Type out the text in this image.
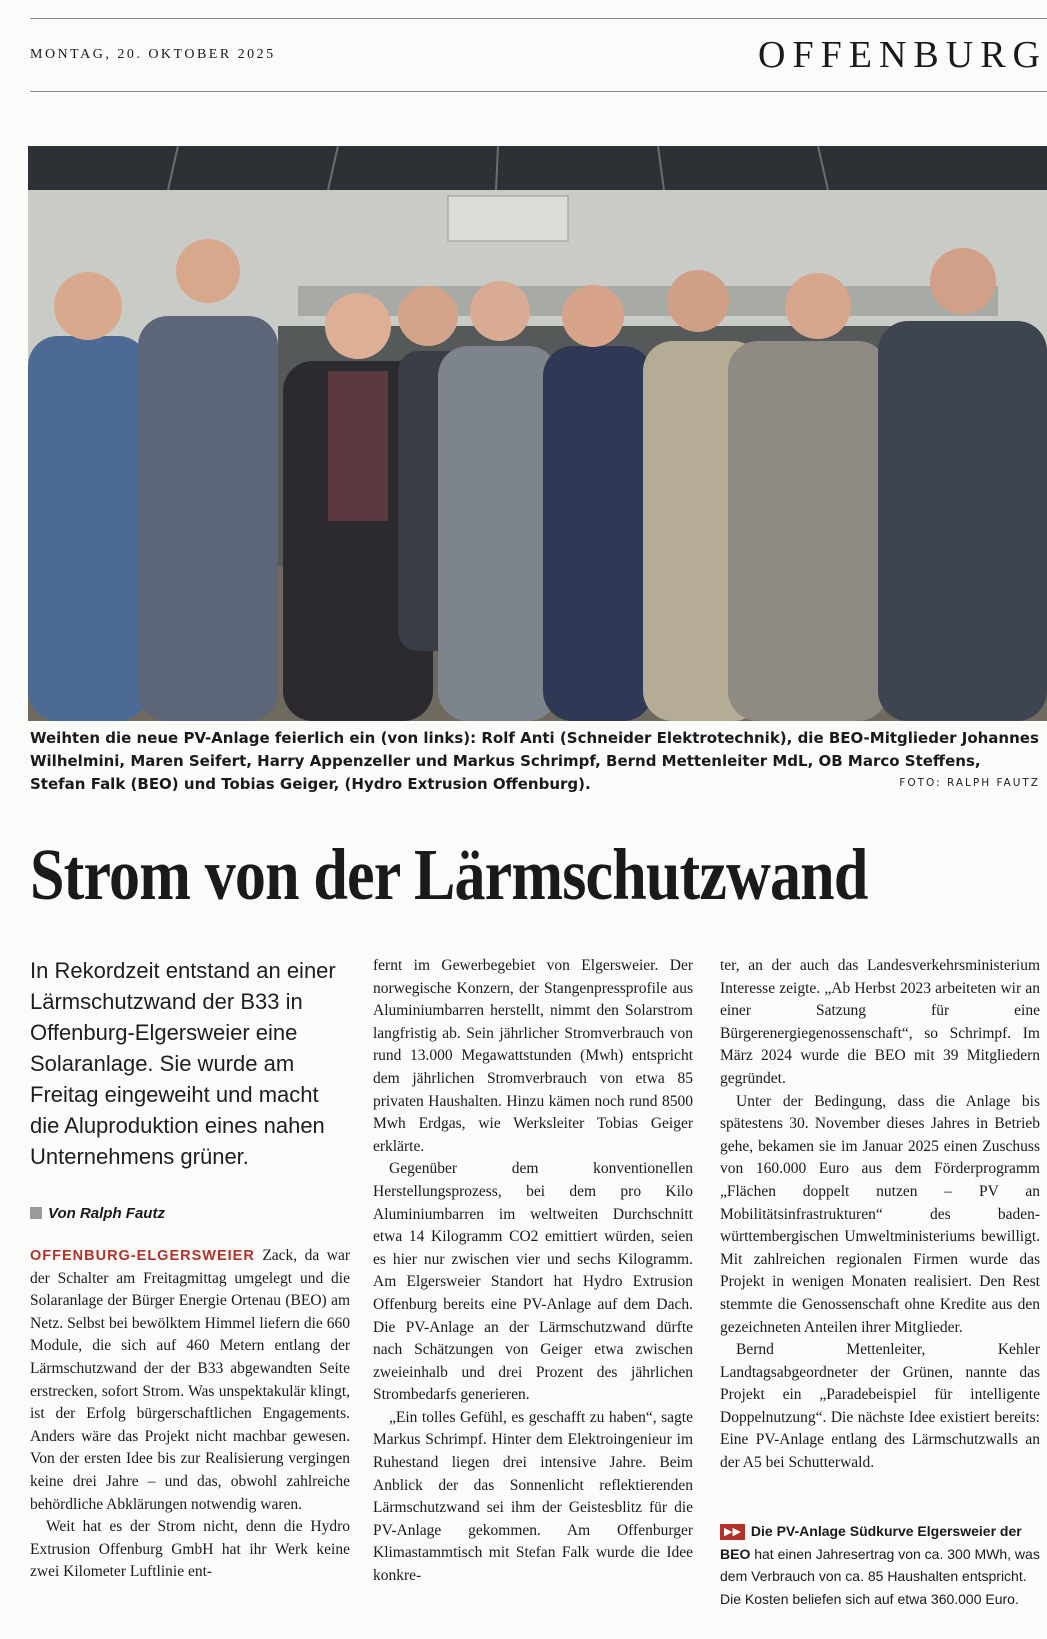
MONTAG, 20. OKTOBER 2025	OFFENBURG
Weihten die neue PV-Anlage feierlich ein (von links): Rolf Anti (Schneider Elektrotechnik), die BEO-Mitglieder Johannes Wilhelmini, Maren Seifert, Harry Appenzeller und Markus Schrimpf, Bernd Mettenleiter MdL, OB Marco Steffens, Stefan Falk (BEO) und Tobias Geiger, (Hydro Extrusion Offenburg).	FOTO: RALPH FAUTZ
Strom von der Lärmschutzwand
In Rekordzeit entstand an einer Lärmschutzwand der B33 in Offenburg-Elgersweier eine Solaranlage. Sie wurde am Freitag eingeweiht und macht die Aluproduktion eines nahen Unternehmens grüner.
Von Ralph Fautz

OFFENBURG-ELGERSWEIER Zack, da war der Schalter am Freitagmittag umgelegt und die Solaranlage der Bürger Energie Ortenau (BEO) am Netz. Selbst bei bewölktem Himmel liefern die 660 Module, die sich auf 460 Metern entlang der Lärmschutzwand der der B33 abgewandten Seite erstrecken, sofort Strom. Was unspektakulär klingt, ist der Erfolg bürgerschaftlichen Engagements. Anders wäre das Projekt nicht machbar gewesen. Von der ersten Idee bis zur Realisierung vergingen keine drei Jahre – und das, obwohl zahlreiche behördliche Abklärungen notwendig waren.

Weit hat es der Strom nicht, denn die Hydro Extrusion Offenburg GmbH hat ihr Werk keine zwei Kilometer Luftlinie ent-

fernt im Gewerbegebiet von Elgersweier. Der norwegische Konzern, der Stangenpressprofile aus Aluminiumbarren herstellt, nimmt den Solarstrom langfristig ab. Sein jährlicher Stromverbrauch von rund 13.000 Megawattstunden (Mwh) entspricht dem jährlichen Stromverbrauch von etwa 85 privaten Haushalten. Hinzu kämen noch rund 8500 Mwh Erdgas, wie Werksleiter Tobias Geiger erklärte.

Gegenüber dem konventionellen Herstellungsprozess, bei dem pro Kilo Aluminiumbarren im weltweiten Durchschnitt etwa 14 Kilogramm CO2 emittiert würden, seien es hier nur zwischen vier und sechs Kilogramm. Am Elgersweier Standort hat Hydro Extrusion Offenburg bereits eine PV-Anlage auf dem Dach. Die PV-Anlage an der Lärmschutzwand dürfte nach Schätzungen von Geiger etwa zwischen zweieinhalb und drei Prozent des jährlichen Strombedarfs generieren.

„Ein tolles Gefühl, es geschafft zu haben“, sagte Markus Schrimpf. Hinter dem Elektroingenieur im Ruhestand liegen drei intensive Jahre. Beim Anblick der das Sonnenlicht reflektierenden Lärmschutzwand sei ihm der Geistesblitz für die PV-Anlage gekommen. Am Offenburger Klimastammtisch mit Stefan Falk wurde die Idee konkre-

ter, an der auch das Landesverkehrsministerium Interesse zeigte. „Ab Herbst 2023 arbeiteten wir an einer Satzung für eine Bürgerenergiegenossenschaft“, so Schrimpf. Im März 2024 wurde die BEO mit 39 Mitgliedern gegründet.

Unter der Bedingung, dass die Anlage bis spätestens 30. November dieses Jahres in Betrieb gehe, bekamen sie im Januar 2025 einen Zuschuss von 160.000 Euro aus dem Förderprogramm „Flächen doppelt nutzen – PV an Mobilitätsinfrastrukturen“ des baden-württembergischen Umweltministeriums bewilligt. Mit zahlreichen regionalen Firmen wurde das Projekt in wenigen Monaten realisiert. Den Rest stemmte die Genossenschaft ohne Kredite aus den gezeichneten Anteilen ihrer Mitglieder.

Bernd Mettenleiter, Kehler Landtagsabgeordneter der Grünen, nannte das Projekt ein „Paradebeispiel für intelligente Doppelnutzung“. Die nächste Idee existiert bereits: Eine PV-Anlage entlang des Lärmschutzwalls an der A5 bei Schutterwald.

▶▶ Die PV-Anlage Südkurve Elgersweier der BEO hat einen Jahresertrag von ca. 300 MWh, was dem Verbrauch von ca. 85 Haushalten entspricht. Die Kosten beliefen sich auf etwa 360.000 Euro.
